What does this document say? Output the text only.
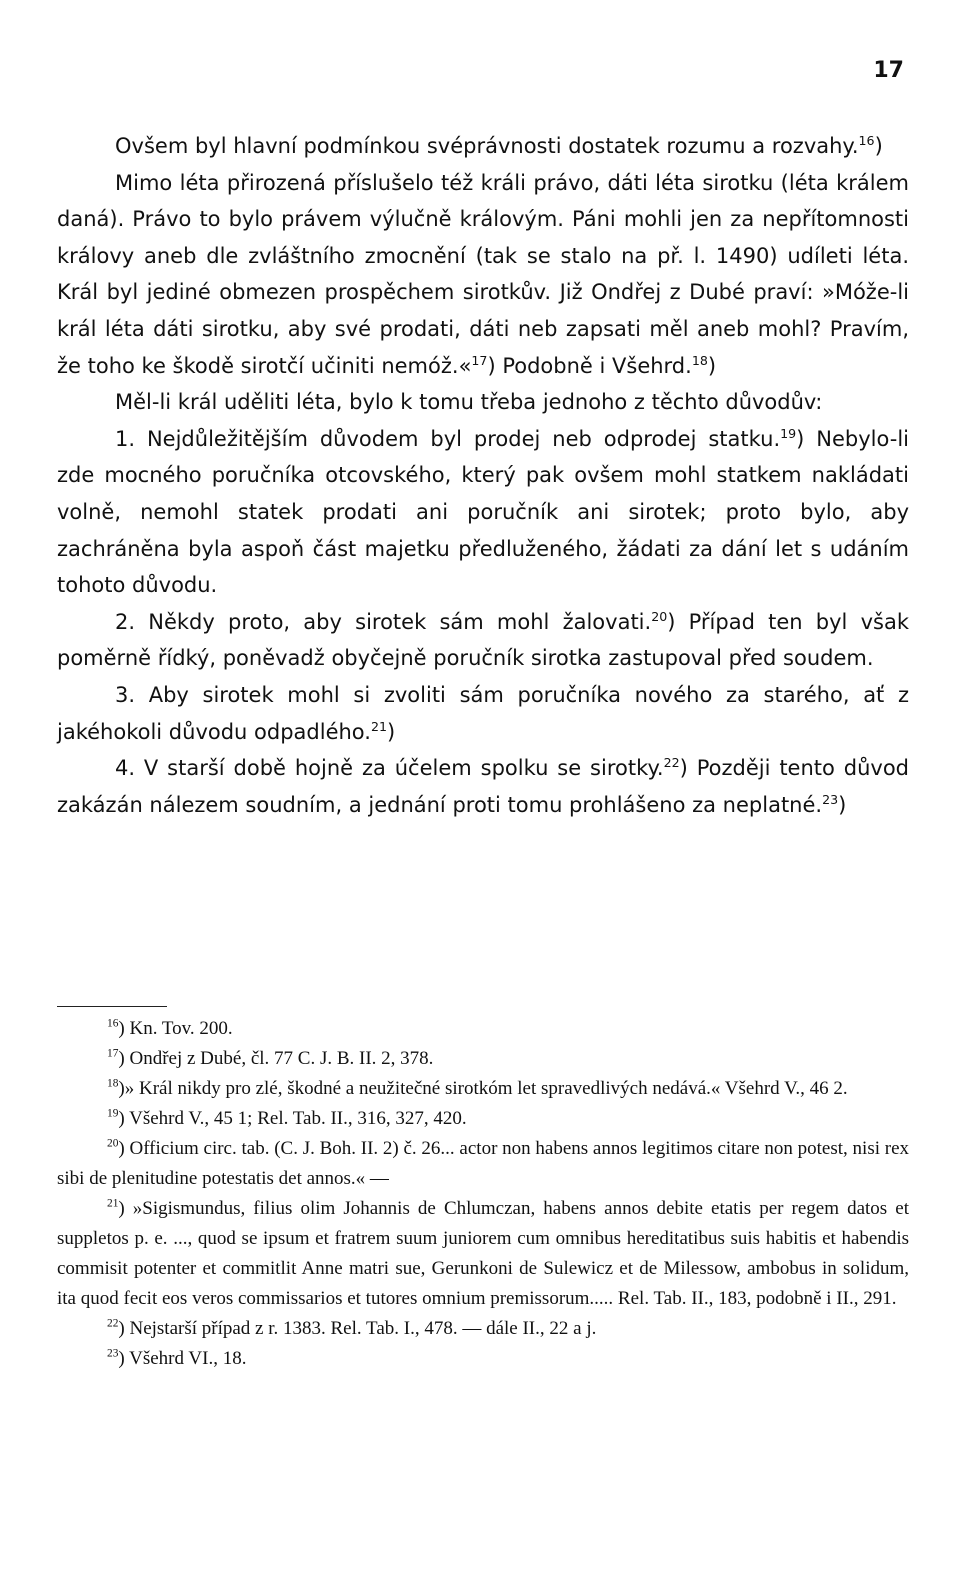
17

Ovšem byl hlavní podmínkou svéprávnosti dostatek rozumu a rozvahy.$^{16}$)

Mimo léta přirozená příslušelo též králi právo, dáti léta sirotku (léta králem daná). Právo to bylo právem výlučně královým. Páni mohli jen za nepřítomnosti královy aneb dle zvláštního zmocnění (tak se stalo na př. l. 1490) udíleti léta. Král byl jediné obmezen prospěchem sirotkův. Již Ondřej z Dubé praví: »Móže-li král léta dáti sirotku, aby své prodati, dáti neb zapsati měl aneb mohl? Pravím, že toho ke škodě sirotčí učiniti nemóž.«$^{17}$) Podobně i Všehrd.$^{18}$)

Měl-li král uděliti léta, bylo k tomu třeba jednoho z těchto důvodův:

1. Nejdůležitějším důvodem byl prodej neb odprodej statku.$^{19}$) Nebylo-li zde mocného poručníka otcovského, který pak ovšem mohl statkem nakládati volně, nemohl statek prodati ani poručník ani sirotek; proto bylo, aby zachráněna byla aspoň část majetku předluženého, žádati za dání let s udáním tohoto důvodu.

2. Někdy proto, aby sirotek sám mohl žalovati.$^{20}$) Případ ten byl však poměrně řídký, poněvadž obyčejně poručník sirotka zastupoval před soudem.

3. Aby sirotek mohl si zvoliti sám poručníka nového za starého, ať z jakéhokoli důvodu odpadlého.$^{21}$)

4. V starší době hojně za účelem spolku se sirotky.$^{22}$) Později tento důvod zakázán nálezem soudním, a jednání proti tomu prohlášeno za neplatné.$^{23}$)

$^{16}$) Kn. Tov. 200.

$^{17}$) Ondřej z Dubé, čl. 77 C. J. B. II. 2, 378.

$^{18}$)» Král nikdy pro zlé, škodné a neužitečné sirotkóm let spravedlivých nedává.« Všehrd V., 46 2.

$^{19}$) Všehrd V., 45 1; Rel. Tab. II., 316, 327, 420.

$^{20}$) Officium circ. tab. (C. J. Boh. II. 2) č. 26... actor non habens annos legitimos citare non potest, nisi rex sibi de plenitudine potestatis det annos.« —

$^{21}$) »Sigismundus, filius olim Johannis de Chlumczan, habens annos debite etatis per regem datos et suppletos p. e. ..., quod se ipsum et fratrem suum juniorem cum omnibus hereditatibus suis habitis et habendis commisit potenter et commitlit Anne matri sue, Gerunkoni de Sulewicz et de Milessow, ambobus in solidum, ita quod fecit eos veros commissarios et tutores omnium premissorum..... Rel. Tab. II., 183, podobně i II., 291.

$^{22}$) Nejstarší případ z r. 1383. Rel. Tab. I., 478. — dále II., 22 a j.

$^{23}$) Všehrd VI., 18.
